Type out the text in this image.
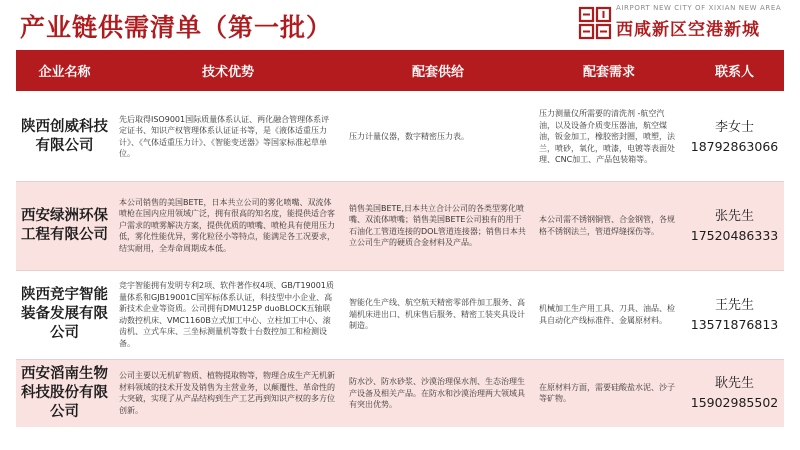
产业链供需清单（第一批）
AIRPORT NEW CITY OF XIXIAN NEW AREA
西咸新区空港新城
企业名称	技术优势	配套供给	配套需求	联系人
陕西创威科技有限公司	先后取得ISO9001国际质量体系认证、两化融合管理体系评定证书、知识产权管理体系认证证书等，是《液体适重压力计》、《气体适重压力计》、《智能变送器》等国家标准起草单位。	压力计量仪器，数字精密压力表。	压力测量仪所需要的清洗剂 -航空汽油，以及设备介质变压器油，航空煤油，钣金加工，橡胶密封圈，喷塑，法兰，喷砂，氧化，喷漆，电镀等表面处理、CNC加工、产品包装箱等。	李女士
18792863066

西安绿洲环保工程有限公司	本公司销售的美国BETE，日本共立公司的雾化喷嘴、双流体喷枪在国内应用领域广泛，拥有很高的知名度，能提供适合客户需求的喷雾解决方案，提供优质的喷嘴、喷枪具有使用压力低，雾化性能优异，雾化粒径小等特点，能满足各工况要求，结实耐用，全寿命周期成本低。	销售美国BETE,日本共立合计公司的各类型雾化喷嘴、双流体喷嘴；销售美国BETE公司独有的用于石油化工管道连接的DOL管道连接器；销售日本共立公司生产的硬质合金材料及产品。	本公司需不锈钢铜管、合金钢管，各规格不锈钢法兰，管道焊缝探伤等。	张先生
17520486333

陕西竞宇智能装备发展有限公司	竞宇智能拥有发明专利2项、软件著作权4项、GB/T19001质量体系和GJB19001C国军标体系认证，科技型中小企业、高新技术企业等资质。公司拥有DMU125P duoBLOCK五轴联动数控机床、VMC1160B立式加工中心、立柱加工中心、滚齿机、立式车床、三坐标测量机等数十台数控加工和检测设备。	智能化生产线、航空航天精密零部件加工服务、高端机床进出口、机床售后服务、精密工装夹具设计制造。	机械加工生产用工具、刀具、油品、检具自动化产线标准件、金属原材料。	王先生
13571876813

西安滔南生物科技股份有限公司	公司主要以无机矿物质、植物提取物等，物理合成生产无机新材料领域的技术开发及销售为主营业务，以颠覆性、革命性的大突破，实现了从产品结构到生产工艺再到知识产权的多方位创新。	防水沙、防水砂浆、沙漠治理保水剂、生态治理生产设备及相关产品。在防水和沙漠治理两大领域具有突出优势。	在原材料方面，需要硅酸盐水泥、沙子等矿物。	耿先生
15902985502
